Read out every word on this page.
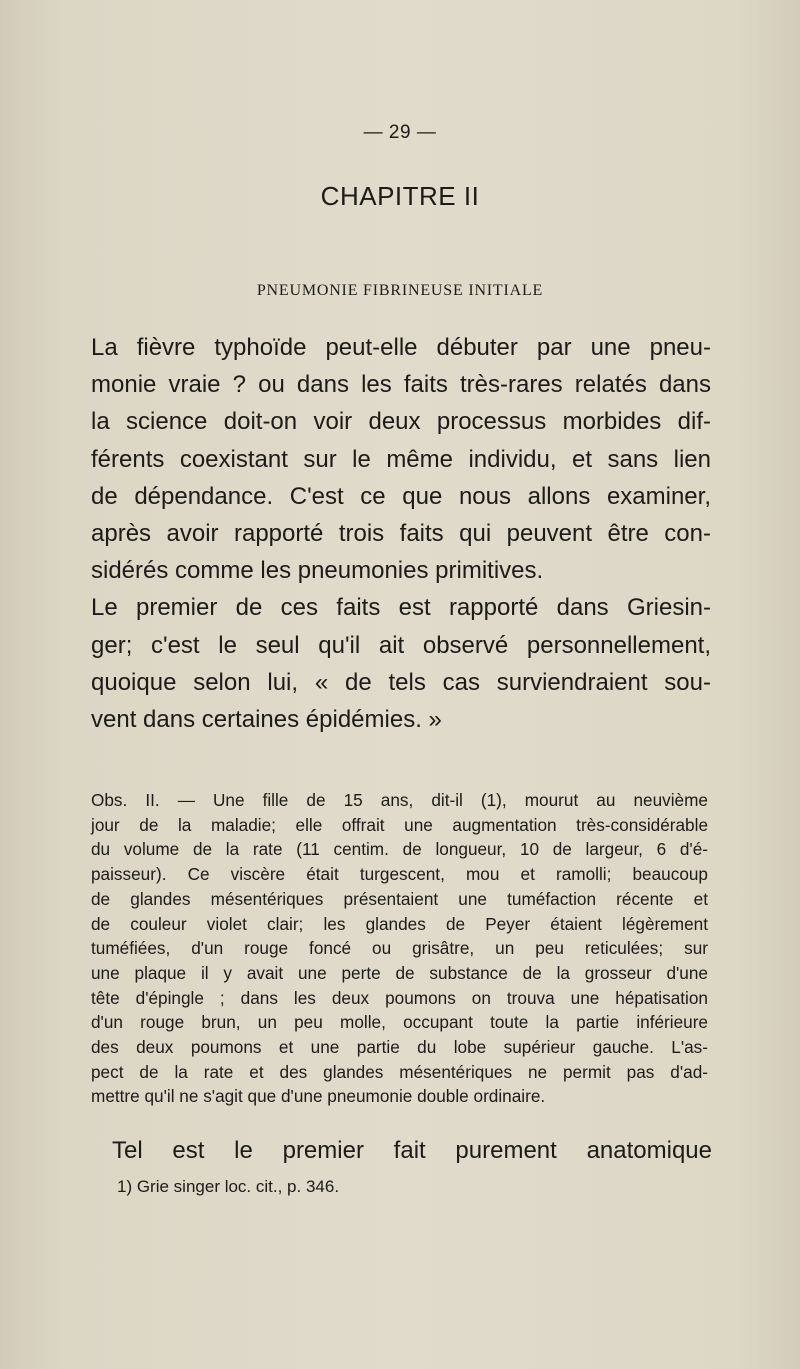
— 29 —
CHAPITRE II
PNEUMONIE FIBRINEUSE INITIALE
La fièvre typhoïde peut-elle débuter par une pneu-
monie vraie ? ou dans les faits très-rares relatés dans
la science doit-on voir deux processus morbides dif-
férents coexistant sur le même individu, et sans lien
de dépendance. C'est ce que nous allons examiner,
après avoir rapporté trois faits qui peuvent être con-
sidérés comme les pneumonies primitives.
Le premier de ces faits est rapporté dans Griesin-
ger; c'est le seul qu'il ait observé personnellement,
quoique selon lui, « de tels cas surviendraient sou-
vent dans certaines épidémies. »
Obs. II. — Une fille de 15 ans, dit-il (1), mourut au neuvième
jour de la maladie; elle offrait une augmentation très-considérable
du volume de la rate (11 centim. de longueur, 10 de largeur, 6 d'é-
paisseur). Ce viscère était turgescent, mou et ramolli; beaucoup
de glandes mésentériques présentaient une tuméfaction récente et
de couleur violet clair; les glandes de Peyer étaient légèrement
tuméfiées, d'un rouge foncé ou grisâtre, un peu reticulées; sur
une plaque il y avait une perte de substance de la grosseur d'une
tête d'épingle ; dans les deux poumons on trouva une hépatisation
d'un rouge brun, un peu molle, occupant toute la partie inférieure
des deux poumons et une partie du lobe supérieur gauche. L'as-
pect de la rate et des glandes mésentériques ne permit pas d'ad-
mettre qu'il ne s'agit que d'une pneumonie double ordinaire.
Tel est le premier fait purement anatomique
1) Grie singer loc. cit., p. 346.
